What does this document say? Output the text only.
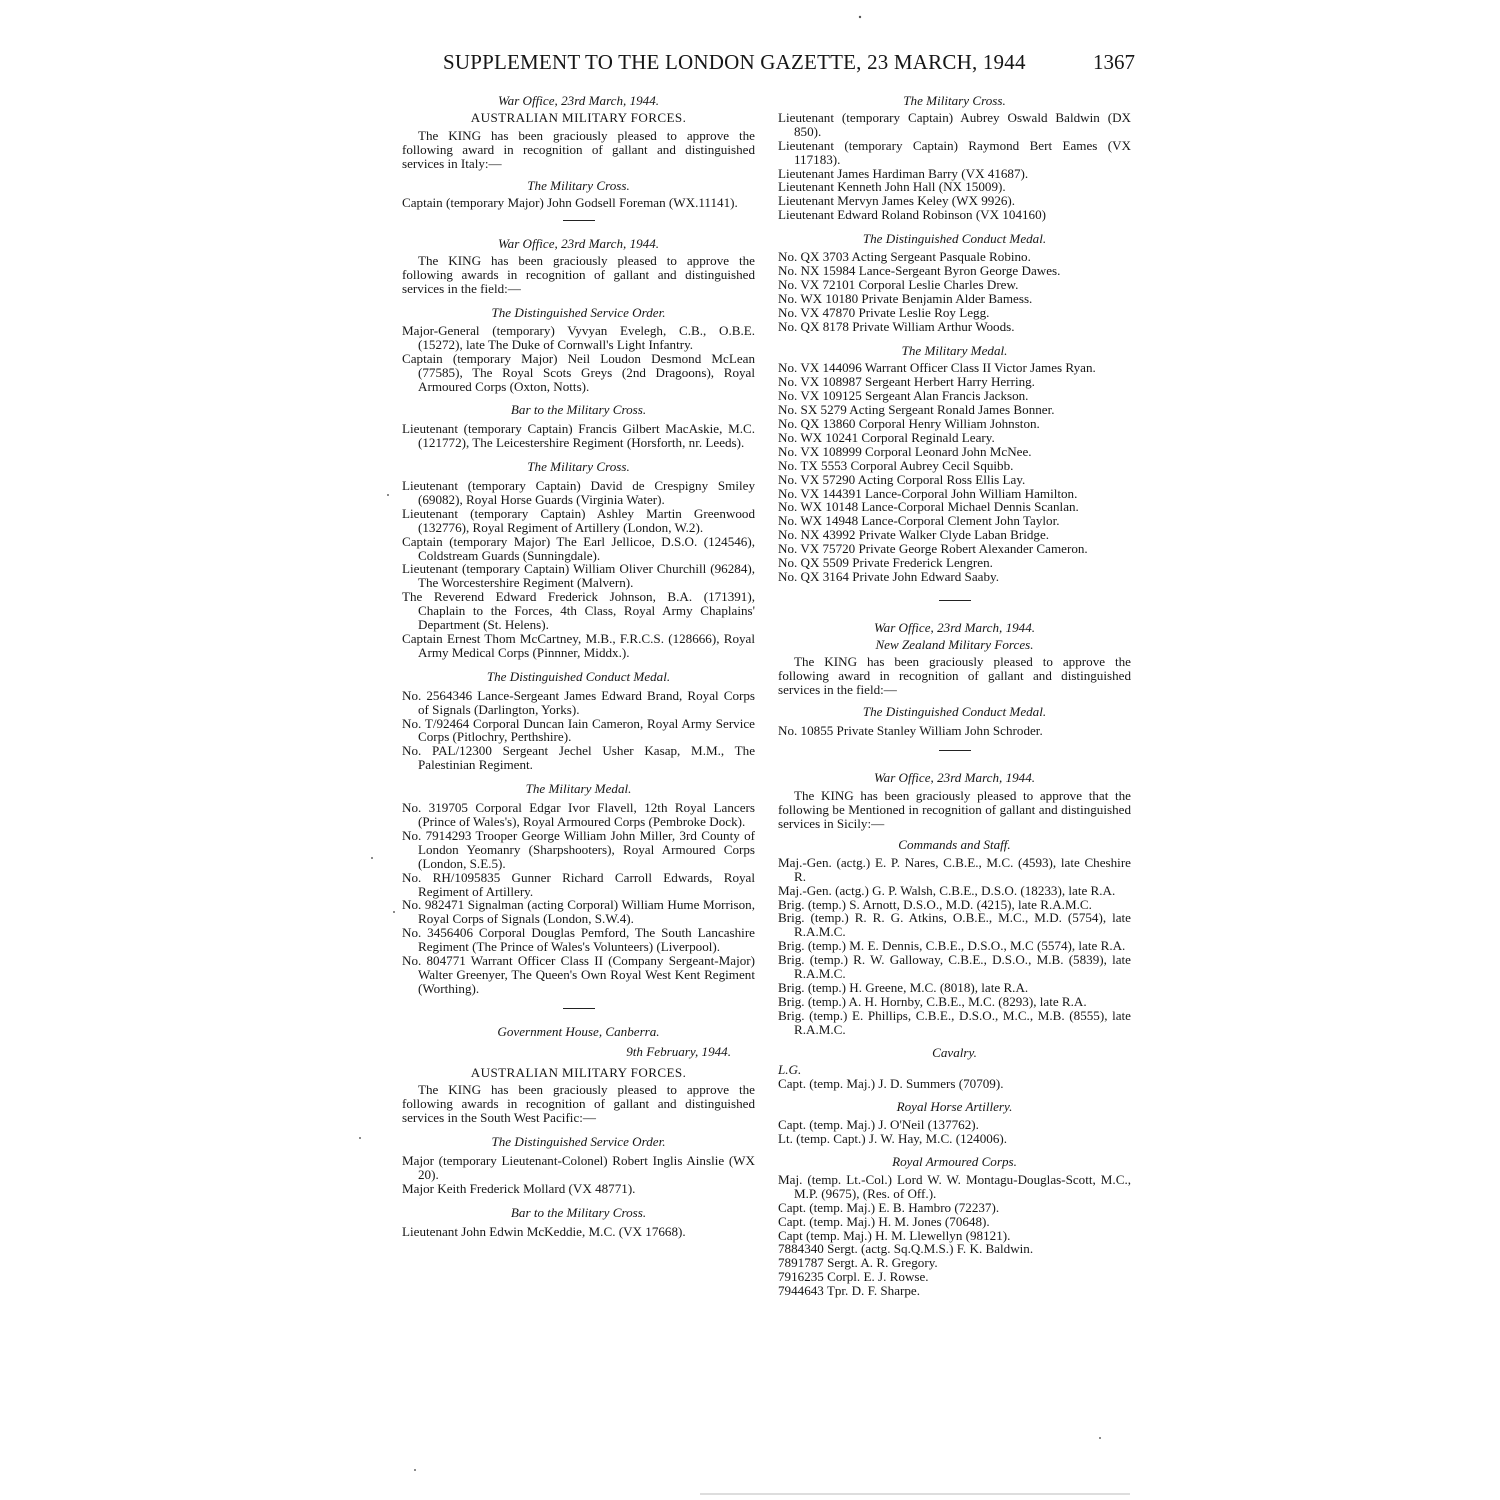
SUPPLEMENT TO THE LONDON GAZETTE, 23 MARCH, 1944	1367
War Office, 23rd March, 1944.
AUSTRALIAN MILITARY FORCES.

The KING has been graciously pleased to approve the following award in recognition of gallant and distinguished services in Italy:—

The Military Cross.

Captain (temporary Major) John Godsell Foreman (WX.11141).

War Office, 23rd March, 1944.

The KING has been graciously pleased to approve the following awards in recognition of gallant and distinguished services in the field:—

The Distinguished Service Order.

Major-General (temporary) Vyvyan Evelegh, C.B., O.B.E. (15272), late The Duke of Cornwall's Light Infantry.

Captain (temporary Major) Neil Loudon Desmond McLean (77585), The Royal Scots Greys (2nd Dragoons), Royal Armoured Corps (Oxton, Notts).

Bar to the Military Cross.

Lieutenant (temporary Captain) Francis Gilbert MacAskie, M.C. (121772), The Leicestershire Regiment (Horsforth, nr. Leeds).

The Military Cross.

Lieutenant (temporary Captain) David de Crespigny Smiley (69082), Royal Horse Guards (Virginia Water).

Lieutenant (temporary Captain) Ashley Martin Greenwood (132776), Royal Regiment of Artillery (London, W.2).

Captain (temporary Major) The Earl Jellicoe, D.S.O. (124546), Coldstream Guards (Sunningdale).

Lieutenant (temporary Captain) William Oliver Churchill (96284), The Worcestershire Regiment (Malvern).

The Reverend Edward Frederick Johnson, B.A. (171391), Chaplain to the Forces, 4th Class, Royal Army Chaplains' Department (St. Helens).

Captain Ernest Thom McCartney, M.B., F.R.C.S. (128666), Royal Army Medical Corps (Pinnner, Middx.).

The Distinguished Conduct Medal.

No. 2564346 Lance-Sergeant James Edward Brand, Royal Corps of Signals (Darlington, Yorks).

No. T/92464 Corporal Duncan Iain Cameron, Royal Army Service Corps (Pitlochry, Perthshire).

No. PAL/12300 Sergeant Jechel Usher Kasap, M.M., The Palestinian Regiment.

The Military Medal.

No. 319705 Corporal Edgar Ivor Flavell, 12th Royal Lancers (Prince of Wales's), Royal Armoured Corps (Pembroke Dock).

No. 7914293 Trooper George William John Miller, 3rd County of London Yeomanry (Sharpshooters), Royal Armoured Corps (London, S.E.5).

No. RH/1095835 Gunner Richard Carroll Edwards, Royal Regiment of Artillery.

No. 982471 Signalman (acting Corporal) William Hume Morrison, Royal Corps of Signals (London, S.W.4).

No. 3456406 Corporal Douglas Pemford, The South Lancashire Regiment (The Prince of Wales's Volunteers) (Liverpool).

No. 804771 Warrant Officer Class II (Company Sergeant-Major) Walter Greenyer, The Queen's Own Royal West Kent Regiment (Worthing).

Government House, Canberra.
9th February, 1944.
AUSTRALIAN MILITARY FORCES.

The KING has been graciously pleased to approve the following awards in recognition of gallant and distinguished services in the South West Pacific:—

The Distinguished Service Order.

Major (temporary Lieutenant-Colonel) Robert Inglis Ainslie (WX 20).

Major Keith Frederick Mollard (VX 48771).

Bar to the Military Cross.

Lieutenant John Edwin McKeddie, M.C. (VX 17668).

The Military Cross.

Lieutenant (temporary Captain) Aubrey Oswald Baldwin (DX 850).

Lieutenant (temporary Captain) Raymond Bert Eames (VX 117183).

Lieutenant James Hardiman Barry (VX 41687).

Lieutenant Kenneth John Hall (NX 15009).

Lieutenant Mervyn James Keley (WX 9926).

Lieutenant Edward Roland Robinson (VX 104160)

The Distinguished Conduct Medal.

No. QX 3703 Acting Sergeant Pasquale Robino.

No. NX 15984 Lance-Sergeant Byron George Dawes.

No. VX 72101 Corporal Leslie Charles Drew.

No. WX 10180 Private Benjamin Alder Bamess.

No. VX 47870 Private Leslie Roy Legg.

No. QX 8178 Private William Arthur Woods.

The Military Medal.

No. VX 144096 Warrant Officer Class II Victor James Ryan.

No. VX 108987 Sergeant Herbert Harry Herring.

No. VX 109125 Sergeant Alan Francis Jackson.

No. SX 5279 Acting Sergeant Ronald James Bonner.

No. QX 13860 Corporal Henry William Johnston.

No. WX 10241 Corporal Reginald Leary.

No. VX 108999 Corporal Leonard John McNee.

No. TX 5553 Corporal Aubrey Cecil Squibb.

No. VX 57290 Acting Corporal Ross Ellis Lay.

No. VX 144391 Lance-Corporal John William Hamilton.

No. WX 10148 Lance-Corporal Michael Dennis Scanlan.

No. WX 14948 Lance-Corporal Clement John Taylor.

No. NX 43992 Private Walker Clyde Laban Bridge.

No. VX 75720 Private George Robert Alexander Cameron.

No. QX 5509 Private Frederick Lengren.

No. QX 3164 Private John Edward Saaby.

War Office, 23rd March, 1944.
New Zealand Military Forces.

The KING has been graciously pleased to approve the following award in recognition of gallant and distinguished services in the field:—

The Distinguished Conduct Medal.

No. 10855 Private Stanley William John Schroder.

War Office, 23rd March, 1944.

The KING has been graciously pleased to approve that the following be Mentioned in recognition of gallant and distinguished services in Sicily:—

Commands and Staff.

Maj.-Gen. (actg.) E. P. Nares, C.B.E., M.C. (4593), late Cheshire R.

Maj.-Gen. (actg.) G. P. Walsh, C.B.E., D.S.O. (18233), late R.A.

Brig. (temp.) S. Arnott, D.S.O., M.D. (4215), late R.A.M.C.

Brig. (temp.) R. R. G. Atkins, O.B.E., M.C., M.D. (5754), late R.A.M.C.

Brig. (temp.) M. E. Dennis, C.B.E., D.S.O., M.C (5574), late R.A.

Brig. (temp.) R. W. Galloway, C.B.E., D.S.O., M.B. (5839), late R.A.M.C.

Brig. (temp.) H. Greene, M.C. (8018), late R.A.

Brig. (temp.) A. H. Hornby, C.B.E., M.C. (8293), late R.A.

Brig. (temp.) E. Phillips, C.B.E., D.S.O., M.C., M.B. (8555), late R.A.M.C.

Cavalry.
L.G.

Capt. (temp. Maj.) J. D. Summers (70709).

Royal Horse Artillery.

Capt. (temp. Maj.) J. O'Neil (137762).

Lt. (temp. Capt.) J. W. Hay, M.C. (124006).

Royal Armoured Corps.

Maj. (temp. Lt.-Col.) Lord W. W. Montagu-Douglas-Scott, M.C., M.P. (9675), (Res. of Off.).

Capt. (temp. Maj.) E. B. Hambro (72237).

Capt. (temp. Maj.) H. M. Jones (70648).

Capt (temp. Maj.) H. M. Llewellyn (98121).

7884340 Sergt. (actg. Sq.Q.M.S.) F. K. Baldwin.

7891787 Sergt. A. R. Gregory.

7916235 Corpl. E. J. Rowse.

7944643 Tpr. D. F. Sharpe.
